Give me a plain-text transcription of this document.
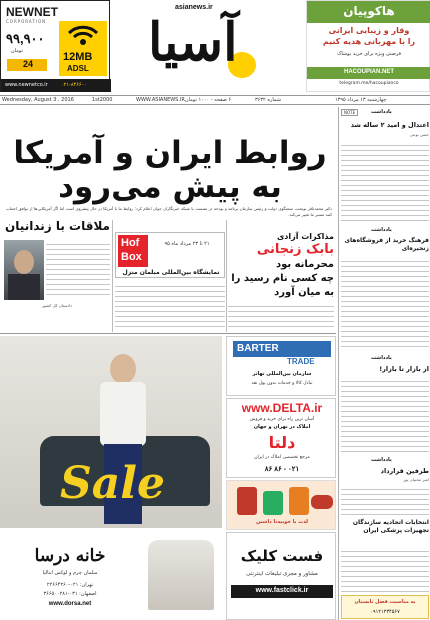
NEWNET
CORPORATION
۹۹,۹۰۰
تومان
24
12MB
ADSL
www.newnetco.ir	۰۲۱-۸۳۶۶۰۰
asianews.ir
آسیا
هاکوپیان
وقار و زیبایی ایرانی
را با مهربانی هدیه کنیم
فرصتی ویژه برای خرید پوشاک
HACOUPIAN.NET
telegram.me/hacoupianco
Wednesday, August 3 , 2016	1st2000	WWW.ASIANEWS.IR ۶ صفحه - ۱۰۰۰ تومان	شماره ۳۶۳۲	چهارشنبه ۱۳ مرداد ۱۳۹۵
روابط ایران و آمریکا
به پیش می‌رود
دکتر محمدباقر نوبخت، سخنگوی دولت و رئیس سازمان برنامه و بودجه در نشست با شبکه خبرنگاران جوان اعلام کرد: روابط ما با آمریکا در حال پیشروی است اما اگر آمریکایی‌ها از توافق اجتناب کنند مسیر ما تغییر می‌کند.
NOTE	یادداشت
اعتدال و امید ۲ ساله شد
حسن نوعی
یادداشت
فرهنگ خرید از فروشگاه‌های زنجیره‌ای
یادداشت
از بازار تا بازار!
یادداشت
طرفین قرارداد
امیر محبیان پور
انتخابات اتحادیه سازندگان تجهیزات پزشکی ایران
به مناسبت فصل تابستان
۰۹۱۲۱۲۳۴۵۶۷
مذاکرات آزادی
بابک زنجانی
محرمانه بود
چه کسی نام رسید را
به میان آورد
Hof
Box
۲۱ تا ۲۳ مرداد ماه ۹۵
نمایشگاه بین‌المللی مبلمان منزل
ملاقات با زندانیان
دادستان کل کشور
Sale
BARTER
TRADE
سازمان بین‌المللی تهاتر
تبادل کالا و خدمات بدون پول نقد
www.DELTA.ir
آسان ترین راه برای خرید و فروش
املاک در تهران و جهان
دلتا
مرجع تخصصی املاک در ایران
۸۶ ۸۶ - ۰۲۱
لذت با خوبیه‌تا داشتن
خانه درسا
مبلمان چرم و لوکس ایتالیا
تهران: ۰۲۱-۲۲۶۶۴۲۶۰
اصفهان: ۰۳۱-۳۶۶۵۰۰۲۸۱
www.dorsa.net
فست کلیک
مشاور و مجری تبلیغات اینترنتی
www.fastclick.ir
